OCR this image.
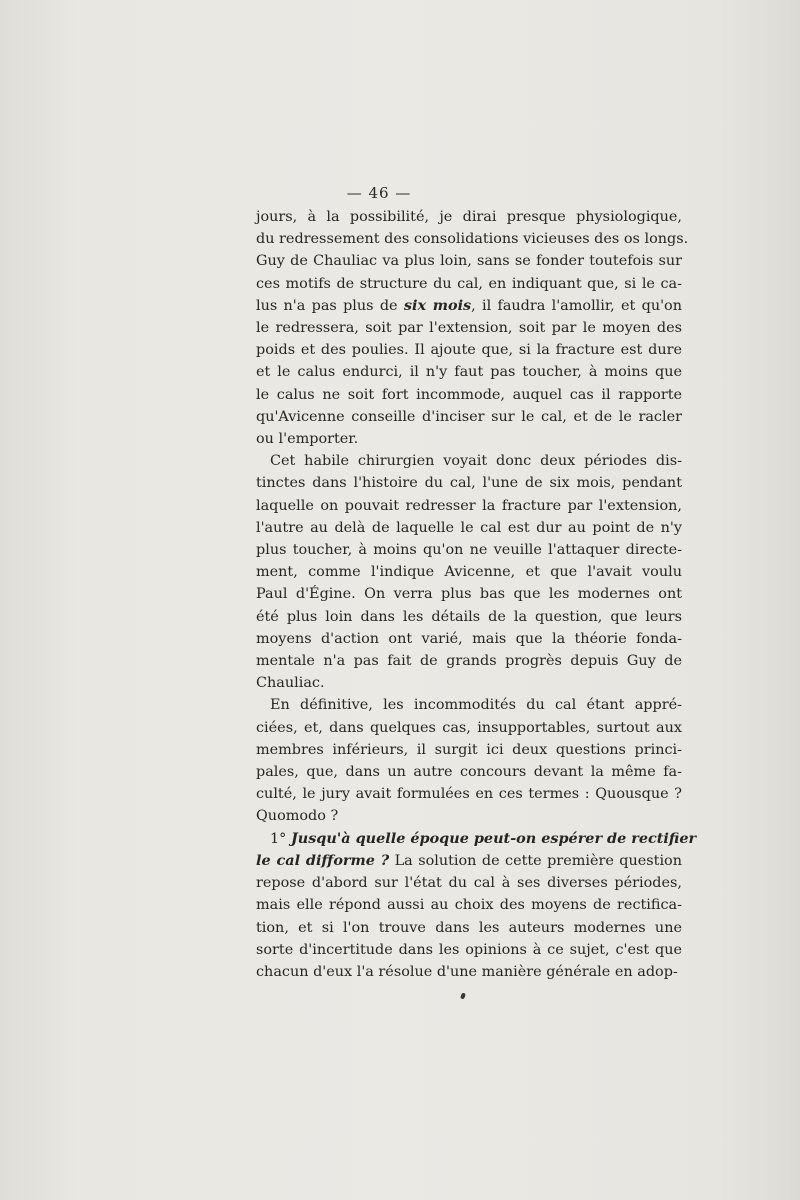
— 46 —
jours, à la possibilité, je dirai presque physiologique,
du redressement des consolidations vicieuses des os longs.
Guy de Chauliac va plus loin, sans se fonder toutefois sur
ces motifs de structure du cal, en indiquant que, si le ca-
lus n'a pas plus de six mois, il faudra l'amollir, et qu'on
le redressera, soit par l'extension, soit par le moyen des
poids et des poulies. Il ajoute que, si la fracture est dure
et le calus endurci, il n'y faut pas toucher, à moins que
le calus ne soit fort incommode, auquel cas il rapporte
qu'Avicenne conseille d'inciser sur le cal, et de le racler
ou l'emporter.
Cet habile chirurgien voyait donc deux périodes dis-
tinctes dans l'histoire du cal, l'une de six mois, pendant
laquelle on pouvait redresser la fracture par l'extension,
l'autre au delà de laquelle le cal est dur au point de n'y
plus toucher, à moins qu'on ne veuille l'attaquer directe-
ment, comme l'indique Avicenne, et que l'avait voulu
Paul d'Égine. On verra plus bas que les modernes ont
été plus loin dans les détails de la question, que leurs
moyens d'action ont varié, mais que la théorie fonda-
mentale n'a pas fait de grands progrès depuis Guy de
Chauliac.
En définitive, les incommodités du cal étant appré-
ciées, et, dans quelques cas, insupportables, surtout aux
membres inférieurs, il surgit ici deux questions princi-
pales, que, dans un autre concours devant la même fa-
culté, le jury avait formulées en ces termes : Quousque ?
Quomodo ?
1° Jusqu'à quelle époque peut-on espérer de rectifier
le cal difforme ? La solution de cette première question
repose d'abord sur l'état du cal à ses diverses périodes,
mais elle répond aussi au choix des moyens de rectifica-
tion, et si l'on trouve dans les auteurs modernes une
sorte d'incertitude dans les opinions à ce sujet, c'est que
chacun d'eux l'a résolue d'une manière générale en adop-
